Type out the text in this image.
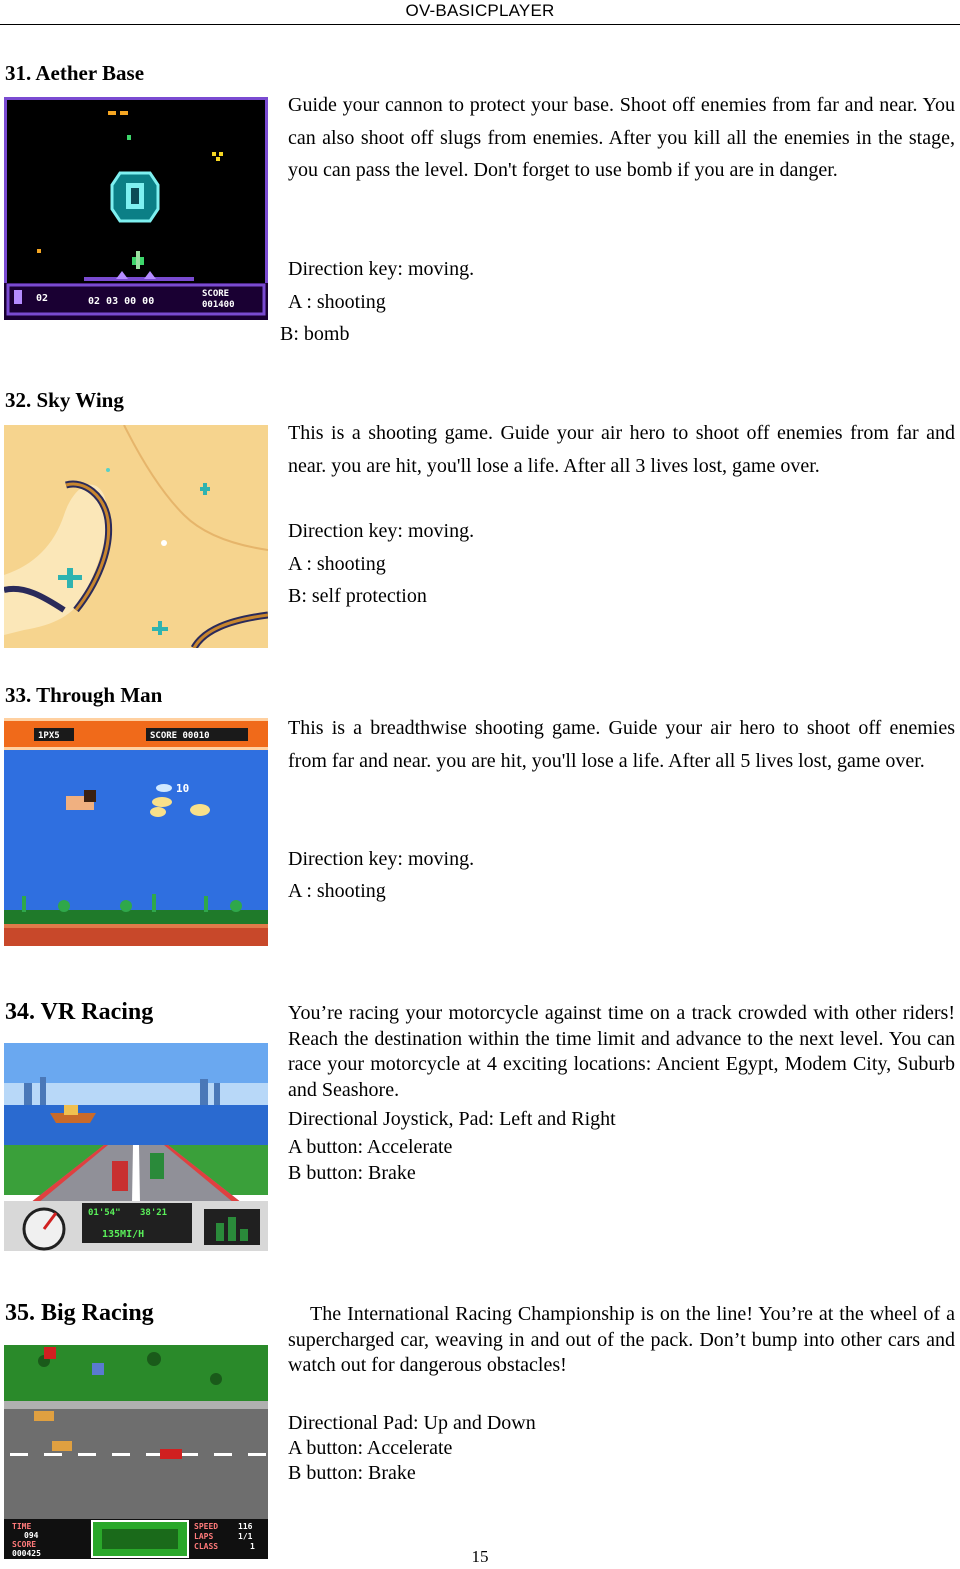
OV-BASICPLAYER
31. Aether Base
02	02 03 00 00
SCORE
001400
Guide your cannon to protect your base. Shoot off enemies from far and near. You can also shoot off slugs from enemies. After you kill all the enemies in the stage, you can pass the level. Don't forget to use bomb if you are in danger.
Direction key: moving.
A : shooting
B: bomb
32. Sky Wing
This is a shooting game. Guide your air hero to shoot off enemies from far and near. you are hit, you'll lose a life. After all 3 lives lost, game over.
Direction key: moving.
A : shooting
B: self protection
33. Through Man
1PX5	SCORE 00010
10
This is a breadthwise shooting game. Guide your air hero to shoot off enemies from far and near. you are hit, you'll lose a life. After all 5 lives lost, game over.
Direction key: moving.
A : shooting
34. VR Racing
01'54" 38'21
135MI/H
You’re racing your motorcycle against time on a track crowded with other riders! Reach the destination within the time limit and advance to the next level. You can race your motorcycle at 4 exciting locations: Ancient Egypt, Modem City, Suburb and Seashore.
Directional Joystick, Pad: Left and Right
A button: Accelerate
B button: Brake
35. Big Racing
TIME
094
SCORE
000425
SPEED 116
LAPS	1/1
CLASS	1
The International Racing Championship is on the line! You’re at the wheel of a supercharged car, weaving in and out of the pack. Don’t bump into other cars and watch out for dangerous obstacles!
Directional Pad: Up and Down
A button: Accelerate
B button: Brake
15
